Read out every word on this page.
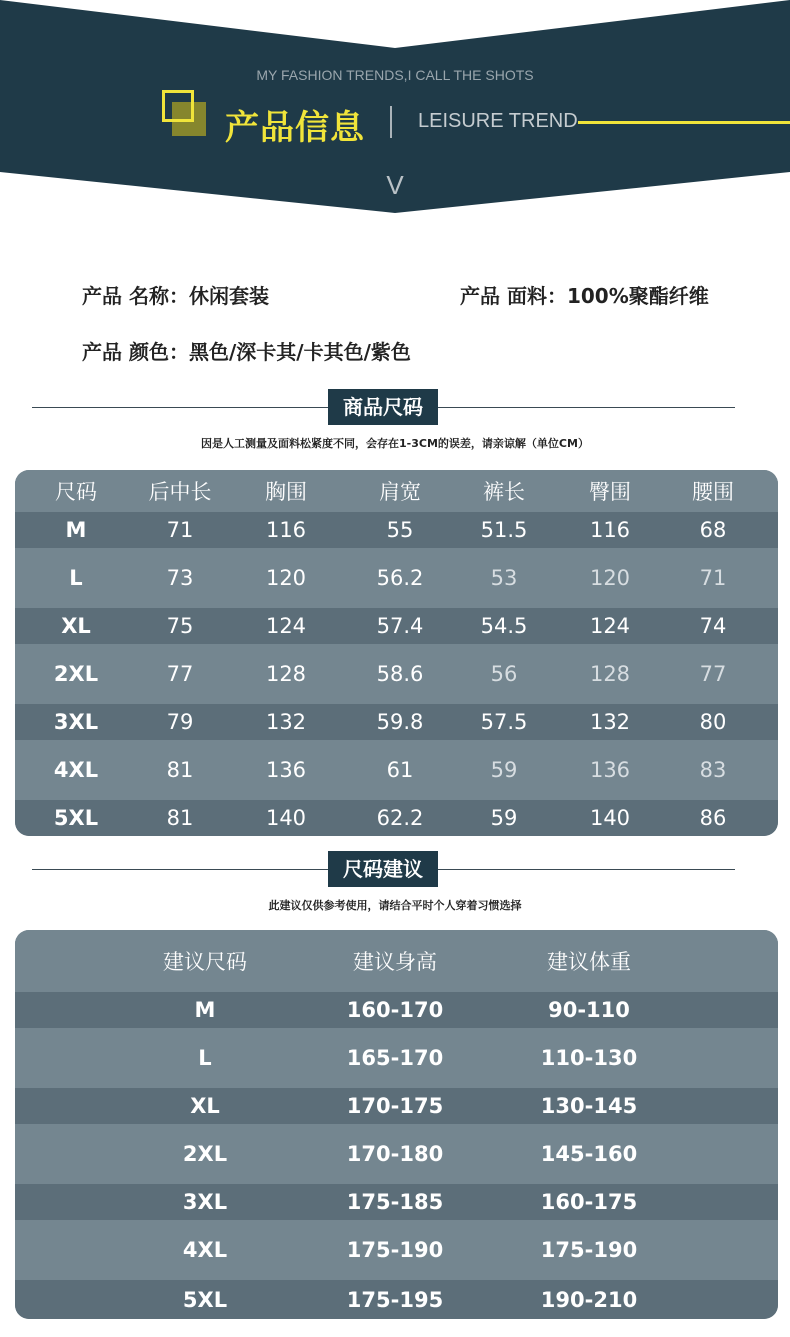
MY FASHION TRENDS,I CALL THE SHOTS
产品信息	LEISURE TREND
V
产品 名称：休闲套装	产品 面料：100%聚酯纤维
产品 颜色：黑色/深卡其/卡其色/紫色
商品尺码
因是人工测量及面料松紧度不同，会存在1-3CM的误差，请亲谅解（单位CM）
尺码	后中长	胸围	肩宽	裤长	臀围	腰围
M	71	116	55	51.5	116	68
L	73	120	56.2	53	120	71
XL	75	124	57.4	54.5	124	74
2XL	77	128	58.6	56	128	77
3XL	79	132	59.8	57.5	132	80
4XL	81	136	61	59	136	83
5XL	81	140	62.2	59	140	86
尺码建议
此建议仅供参考使用，请结合平时个人穿着习惯选择
建议尺码	建议身高	建议体重
M	160-170	90-110
L	165-170	110-130
XL	170-175	130-145
2XL	170-180	145-160
3XL	175-185	160-175
4XL	175-190	175-190
5XL	175-195	190-210
